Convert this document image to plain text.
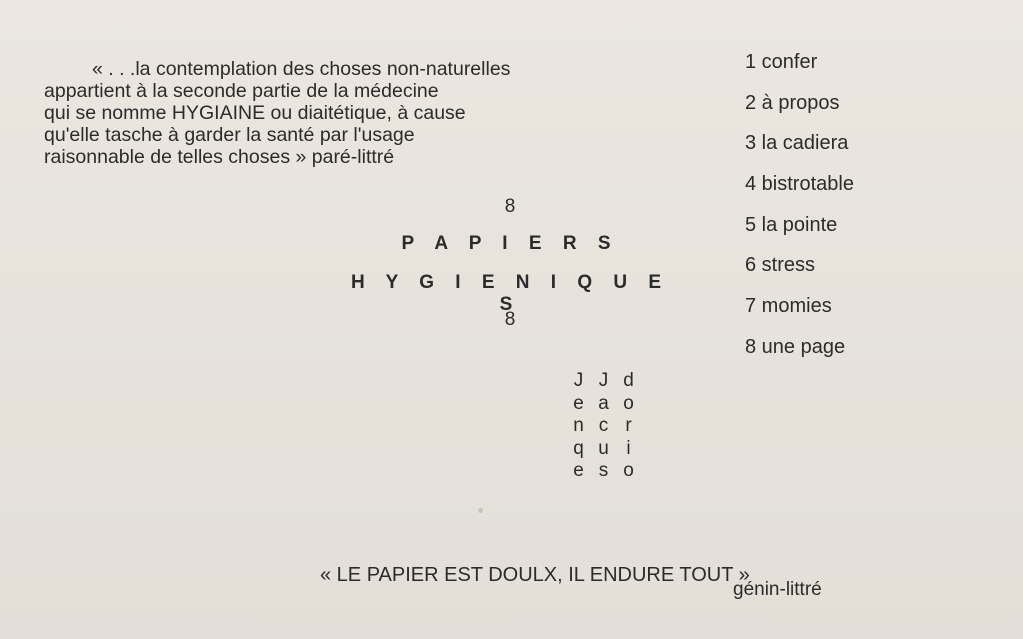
« . . .la contemplation des choses non-naturelles
appartient à la seconde partie de la médecine
qui se nomme HYGIAINE ou diaitétique, à cause
qu'elle tasche à garder la santé par l'usage
raisonnable de telles choses » paré-littré
8
P A P I E R S
H Y G I E N I Q U E S
8
1 confer
2 à propos
3 la cadiera
4 bistrotable
5 la pointe
6 stress
7 momies
8 une page
J J d
e a o
n c r
q u i
e s o
« LE PAPIER EST DOULX, IL ENDURE TOUT »
génin-littré
